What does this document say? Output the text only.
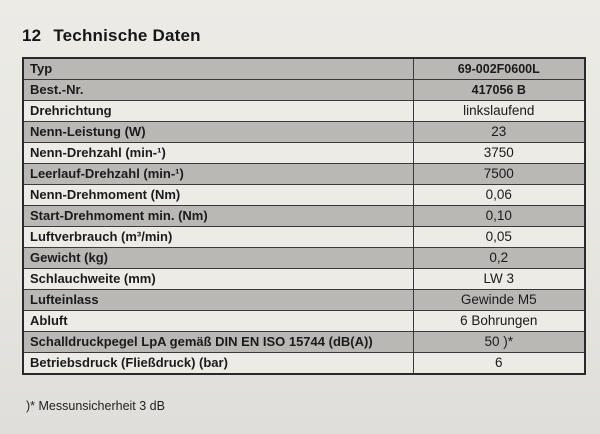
12 Technische Daten
Typ	69-002F0600L
Best.-Nr.	417056 B
Drehrichtung	linkslaufend
Nenn-Leistung (W)	23
Nenn-Drehzahl (min-¹)	3750
Leerlauf-Drehzahl (min-¹)	7500
Nenn-Drehmoment (Nm)	0,06
Start-Drehmoment min. (Nm)	0,10
Luftverbrauch (m³/min)	0,05
Gewicht (kg)	0,2
Schlauchweite (mm)	LW 3
Lufteinlass	Gewinde M5
Abluft	6 Bohrungen
Schalldruckpegel LpA gemäß DIN EN ISO 15744 (dB(A))	50 )*
Betriebsdruck (Fließdruck) (bar)	6

)* Messunsicherheit 3 dB
